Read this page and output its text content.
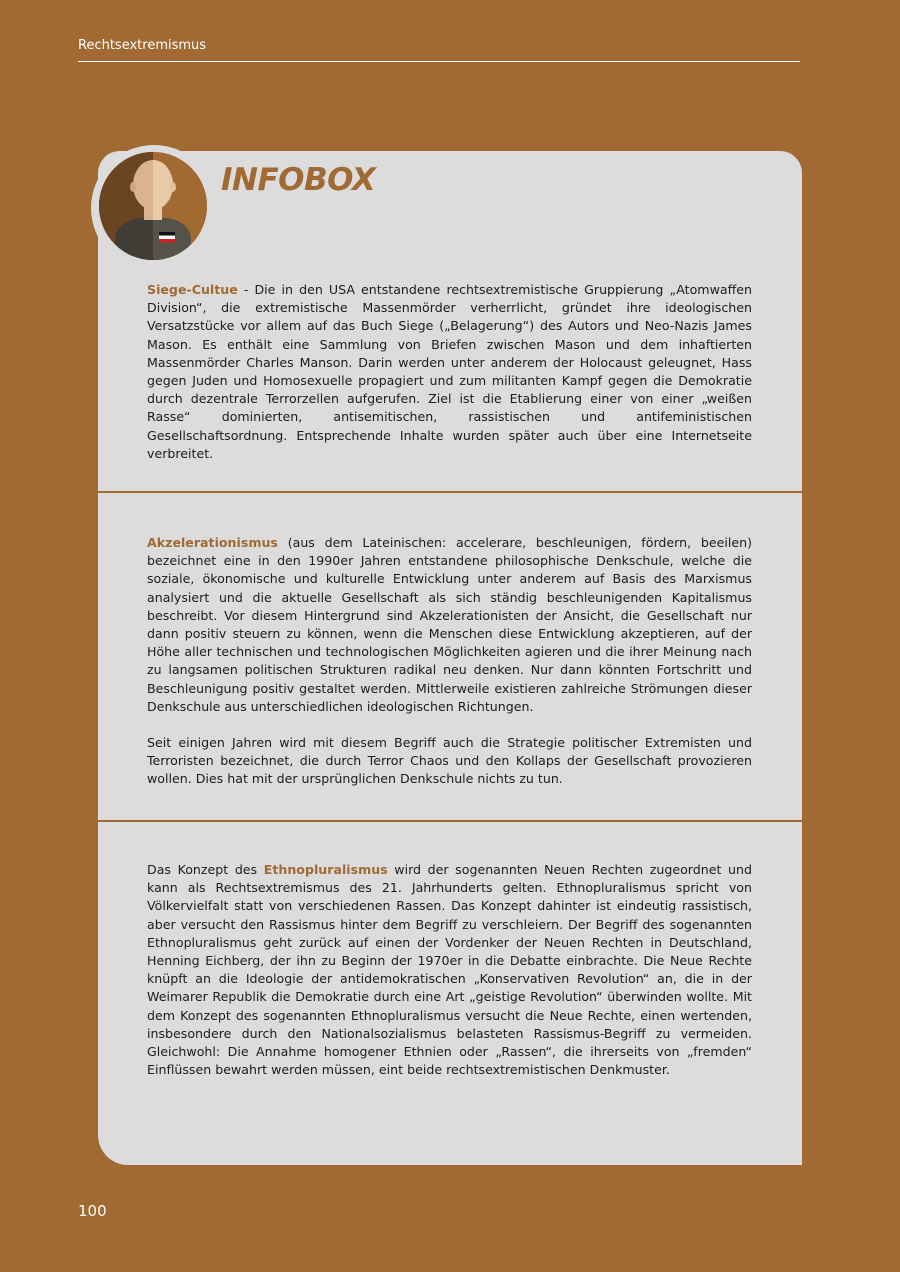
Rechtsextremismus
INFOBOX

Siege-Cultue - Die in den USA entstandene rechtsextremistische Gruppierung „Atomwaffen Division“, die extremistische Massenmörder verherrlicht, gründet ihre ideologischen Versatzstücke vor allem auf das Buch Siege („Belagerung“) des Autors und Neo-Nazis James Mason. Es enthält eine Sammlung von Briefen zwischen Mason und dem inhaftierten Massenmörder Charles Manson. Darin werden unter anderem der Holocaust geleugnet, Hass gegen Juden und Homosexuelle propagiert und zum militanten Kampf gegen die Demokratie durch dezentrale Terrorzellen aufgerufen. Ziel ist die Etablierung einer von einer „weißen Rasse“ dominierten, antisemitischen, rassistischen und antifeministischen Gesellschaftsordnung. Entsprechende Inhalte wurden später auch über eine Internetseite verbreitet.

Akzelerationismus (aus dem Lateinischen: accelerare, beschleunigen, fördern, beeilen) bezeichnet eine in den 1990er Jahren entstandene philosophische Denkschule, welche die soziale, ökonomische und kulturelle Entwicklung unter anderem auf Basis des Marxismus analysiert und die aktuelle Gesellschaft als sich ständig beschleunigenden Kapitalismus beschreibt. Vor diesem Hintergrund sind Akzelerationisten der Ansicht, die Gesellschaft nur dann positiv steuern zu können, wenn die Menschen diese Entwicklung akzeptieren, auf der Höhe aller technischen und technologischen Möglichkeiten agieren und die ihrer Meinung nach zu langsamen politischen Strukturen radikal neu denken. Nur dann könnten Fortschritt und Beschleunigung positiv gestaltet werden. Mittlerweile existieren zahlreiche Strömungen dieser Denkschule aus unterschiedlichen ideologischen Richtungen.

Seit einigen Jahren wird mit diesem Begriff auch die Strategie politischer Extremisten und Terroristen bezeichnet, die durch Terror Chaos und den Kollaps der Gesellschaft provozieren wollen. Dies hat mit der ursprünglichen Denkschule nichts zu tun.

Das Konzept des Ethnopluralismus wird der sogenannten Neuen Rechten zugeordnet und kann als Rechtsextremismus des 21. Jahrhunderts gelten. Ethnopluralismus spricht von Völkervielfalt statt von verschiedenen Rassen. Das Konzept dahinter ist eindeutig rassistisch, aber versucht den Rassismus hinter dem Begriff zu verschleiern. Der Begriff des sogenannten Ethnopluralismus geht zurück auf einen der Vordenker der Neuen Rechten in Deutschland, Henning Eichberg, der ihn zu Beginn der 1970er in die Debatte einbrachte. Die Neue Rechte knüpft an die Ideologie der antidemokratischen „Konservativen Revolution“ an, die in der Weimarer Republik die Demokratie durch eine Art „geistige Revolution“ überwinden wollte. Mit dem Konzept des sogenannten Ethnopluralismus versucht die Neue Rechte, einen wertenden, insbesondere durch den Nationalsozialismus belasteten Rassismus-Begriff zu vermeiden. Gleichwohl: Die Annahme homogener Ethnien oder „Rassen“, die ihrerseits von „fremden“ Einflüssen bewahrt werden müssen, eint beide rechtsextremistischen Denkmuster.

100
